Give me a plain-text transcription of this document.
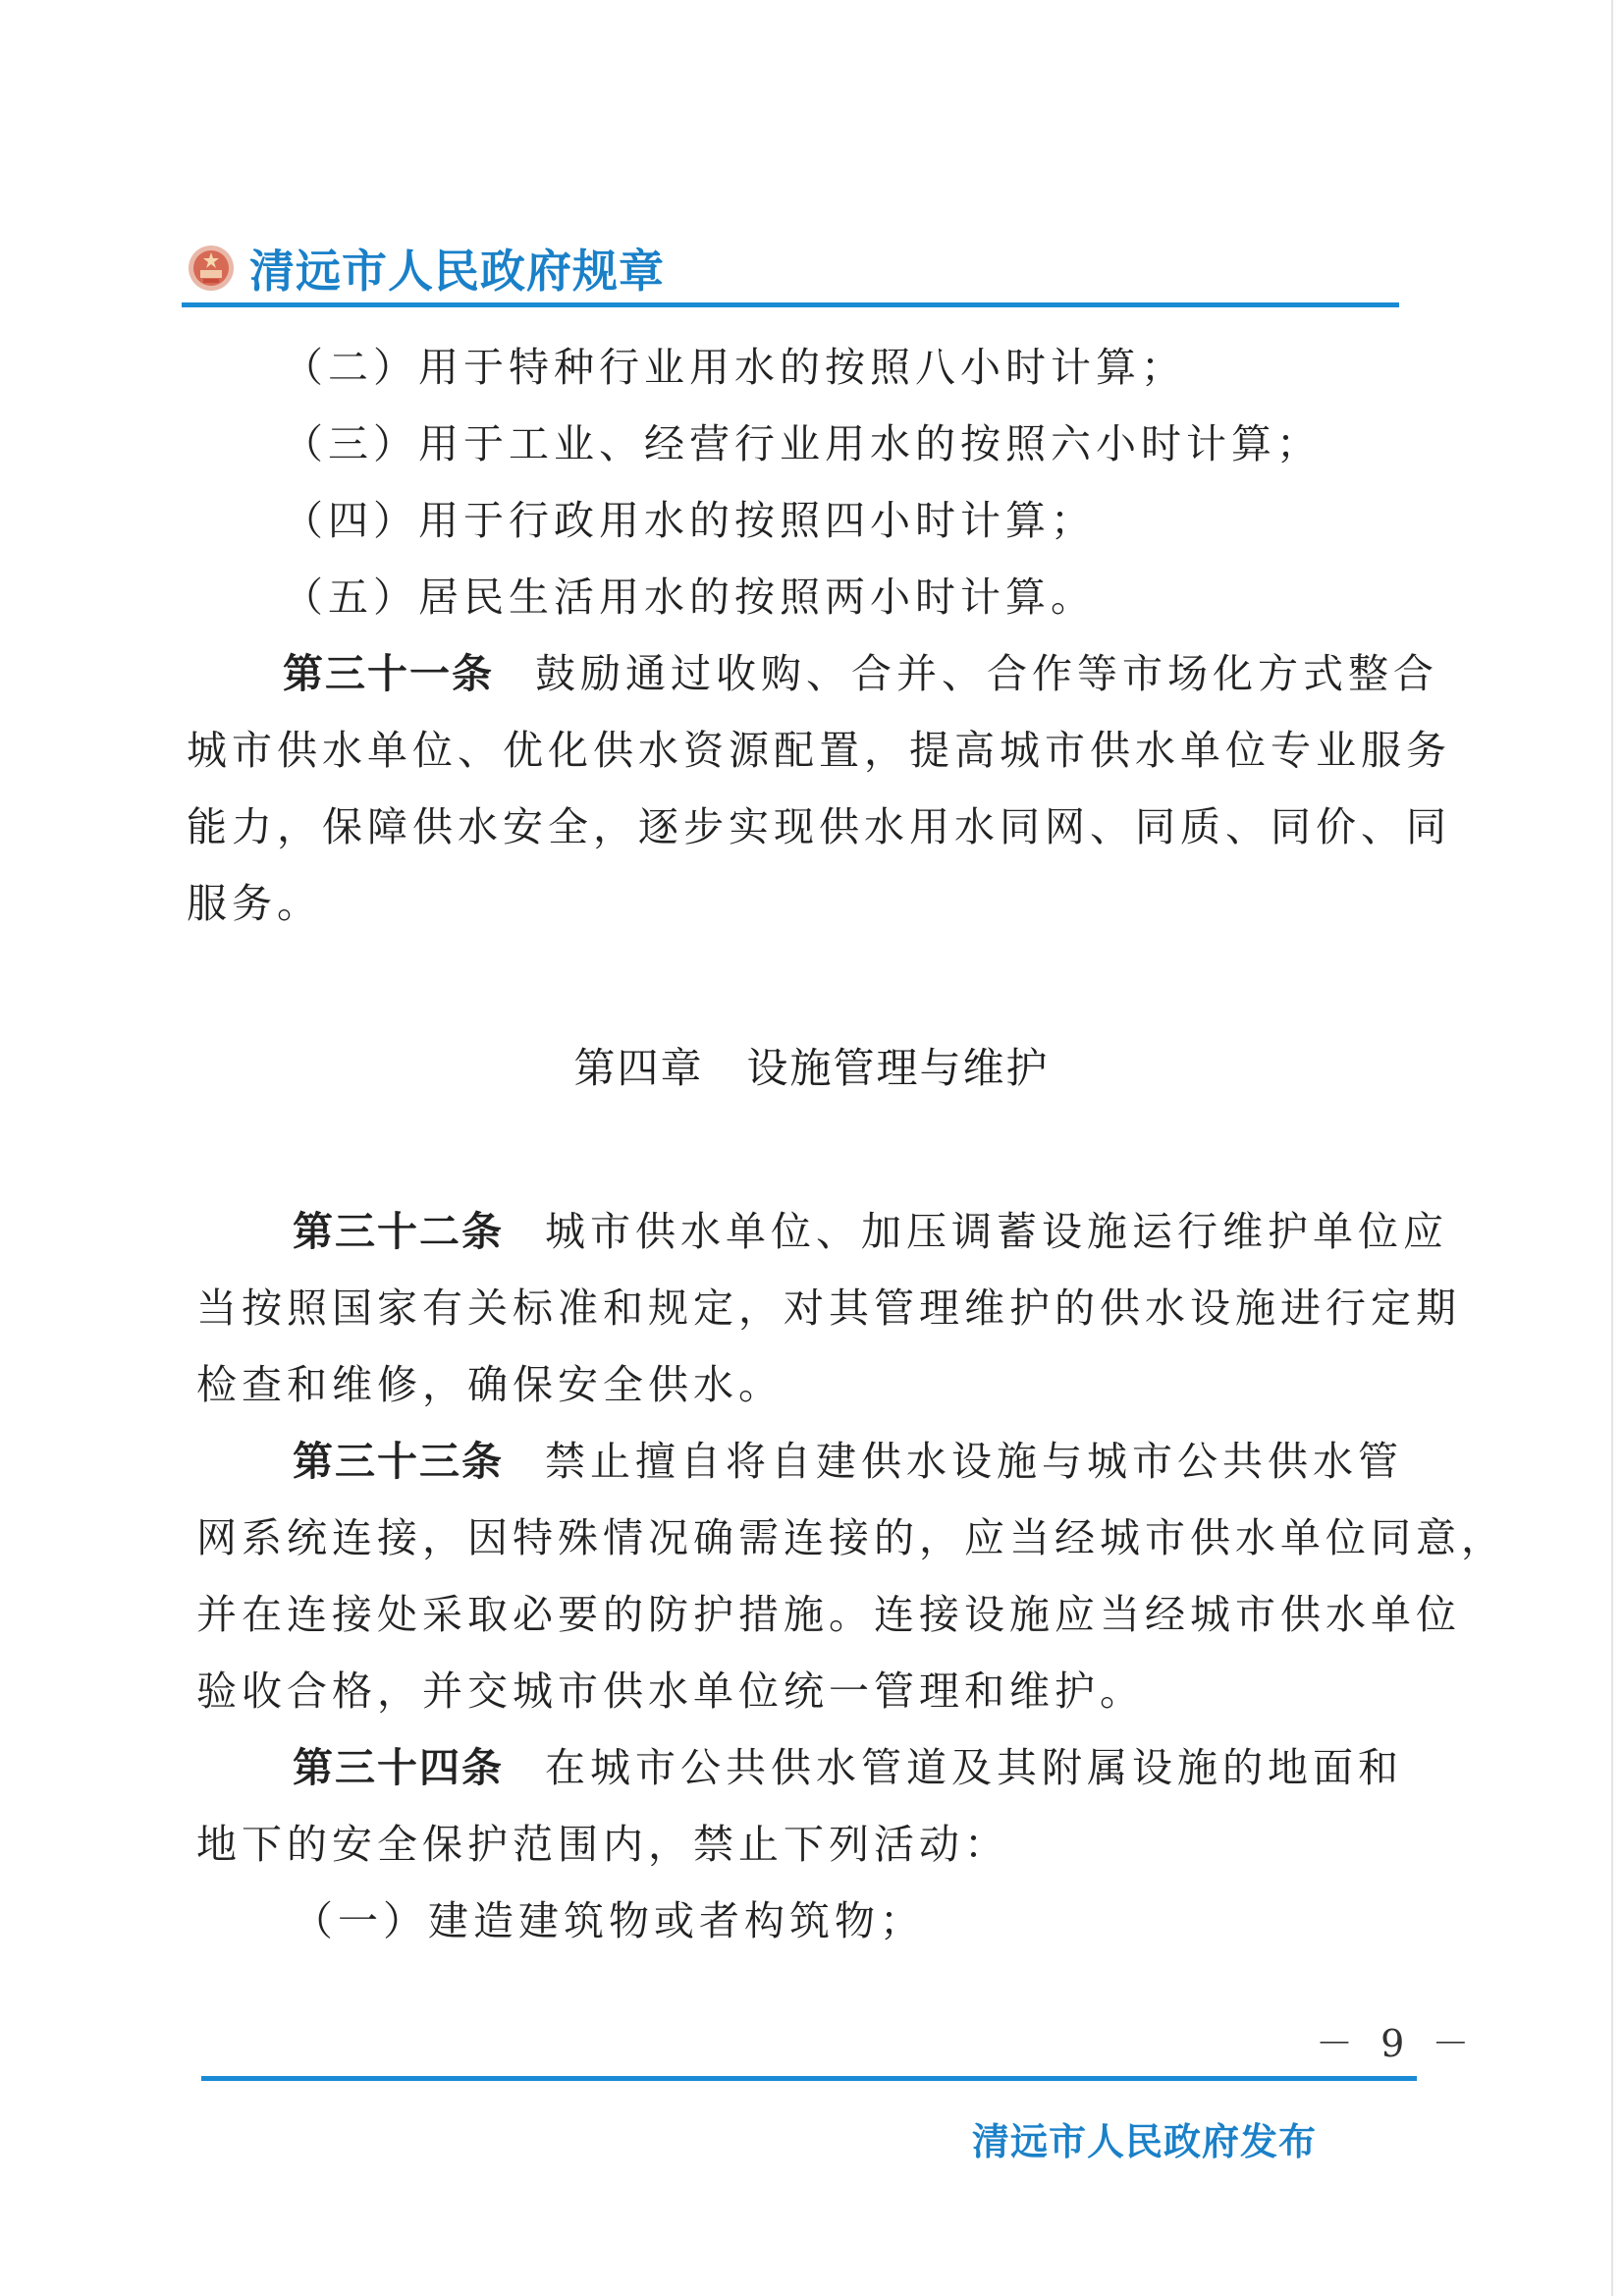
清远市人民政府规章
（二）用于特种行业用水的按照八小时计算；
（三）用于工业、经营行业用水的按照六小时计算；
（四）用于行政用水的按照四小时计算；
（五）居民生活用水的按照两小时计算。
第三十一条 鼓励通过收购、合并、合作等市场化方式整合
城市供水单位、优化供水资源配置，提高城市供水单位专业服务
能力，保障供水安全，逐步实现供水用水同网、同质、同价、同
服务。
第四章 设施管理与维护
第三十二条 城市供水单位、加压调蓄设施运行维护单位应
当按照国家有关标准和规定，对其管理维护的供水设施进行定期
检查和维修，确保安全供水。
第三十三条 禁止擅自将自建供水设施与城市公共供水管
网系统连接，因特殊情况确需连接的，应当经城市供水单位同意，
并在连接处采取必要的防护措施。连接设施应当经城市供水单位
验收合格，并交城市供水单位统一管理和维护。
第三十四条 在城市公共供水管道及其附属设施的地面和
地下的安全保护范围内，禁止下列活动：
（一）建造建筑物或者构筑物；
－ 9 －
清远市人民政府发布
